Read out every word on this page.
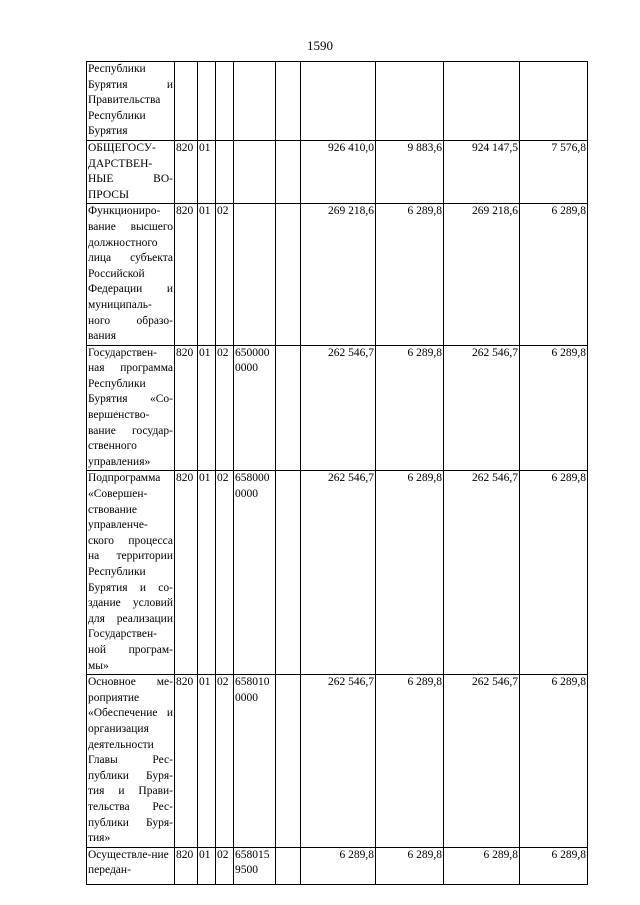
1590
Республики Бурятия и Правительства Республики Бурятия									
ОБЩЕГОСУ-ДАРСТВЕН-НЫЕ ВО-ПРОСЫ	820	01				926 410,0	9 883,6	924 147,5	7 576,8
Функциониро-вание высшего должностного лица субъекта Российской Федерации и муниципаль-ного образо-вания	820	01	02			269 218,6	6 289,8	269 218,6	6 289,8
Государствен-ная программа Республики Бурятия «Со-вершенство-вание государ-ственного управления»	820	01	02	650000 0000		262 546,7	6 289,8	262 546,7	6 289,8
Подпрограмма «Совершен-ствование управленче-ского процесса на территории Республики Бурятия и со-здание условий для реализации Государствен-ной програм-мы»	820	01	02	658000 0000		262 546,7	6 289,8	262 546,7	6 289,8
Основное ме-роприятие «Обеспечение и организация деятельности Главы Рес-публики Буря-тия и Прави-тельства Рес-публики Буря-тия»	820	01	02	658010 0000		262 546,7	6 289,8	262 546,7	6 289,8
Осуществле-ние передан-	820	01	02	658015 9500		6 289,8	6 289,8	6 289,8	6 289,8
